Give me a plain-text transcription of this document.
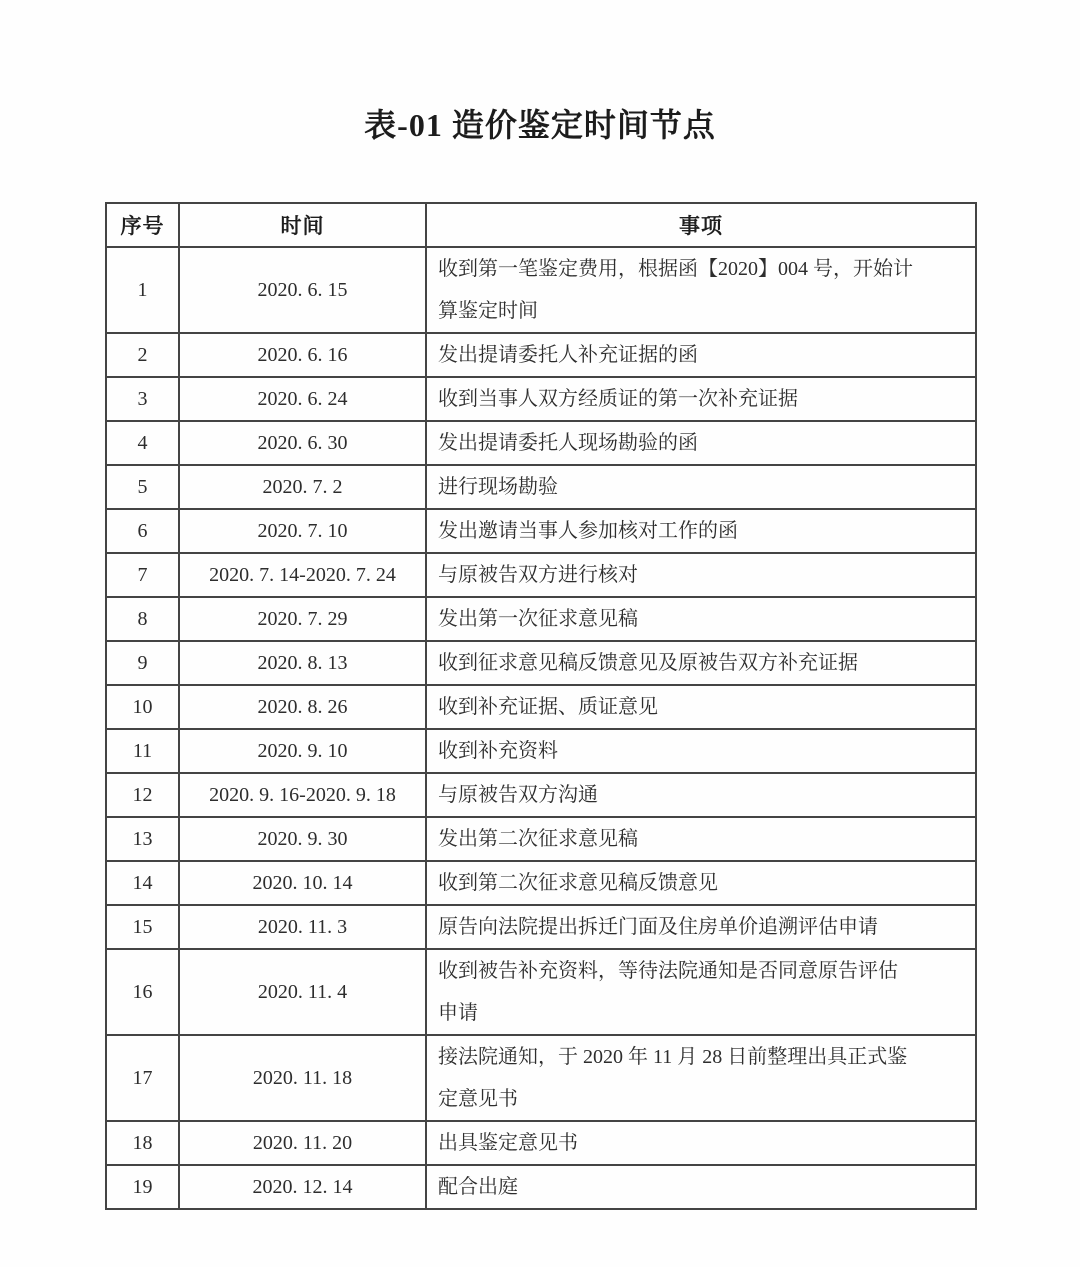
表-01 造价鉴定时间节点
序号	时间	事项
1	2020. 6. 15	收到第一笔鉴定费用，根据函【2020】004 号，开始计算鉴定时间
2	2020. 6. 16	发出提请委托人补充证据的函
3	2020. 6. 24	收到当事人双方经质证的第一次补充证据
4	2020. 6. 30	发出提请委托人现场勘验的函
5	2020. 7. 2	进行现场勘验
6	2020. 7. 10	发出邀请当事人参加核对工作的函
7	2020. 7. 14-2020. 7. 24	与原被告双方进行核对
8	2020. 7. 29	发出第一次征求意见稿
9	2020. 8. 13	收到征求意见稿反馈意见及原被告双方补充证据
10	2020. 8. 26	收到补充证据、质证意见
11	2020. 9. 10	收到补充资料
12	2020. 9. 16-2020. 9. 18	与原被告双方沟通
13	2020. 9. 30	发出第二次征求意见稿
14	2020. 10. 14	收到第二次征求意见稿反馈意见
15	2020. 11. 3	原告向法院提出拆迁门面及住房单价追溯评估申请
16	2020. 11. 4	收到被告补充资料，等待法院通知是否同意原告评估申请
17	2020. 11. 18	接法院通知，于 2020 年 11 月 28 日前整理出具正式鉴定意见书
18	2020. 11. 20	出具鉴定意见书
19	2020. 12. 14	配合出庭
